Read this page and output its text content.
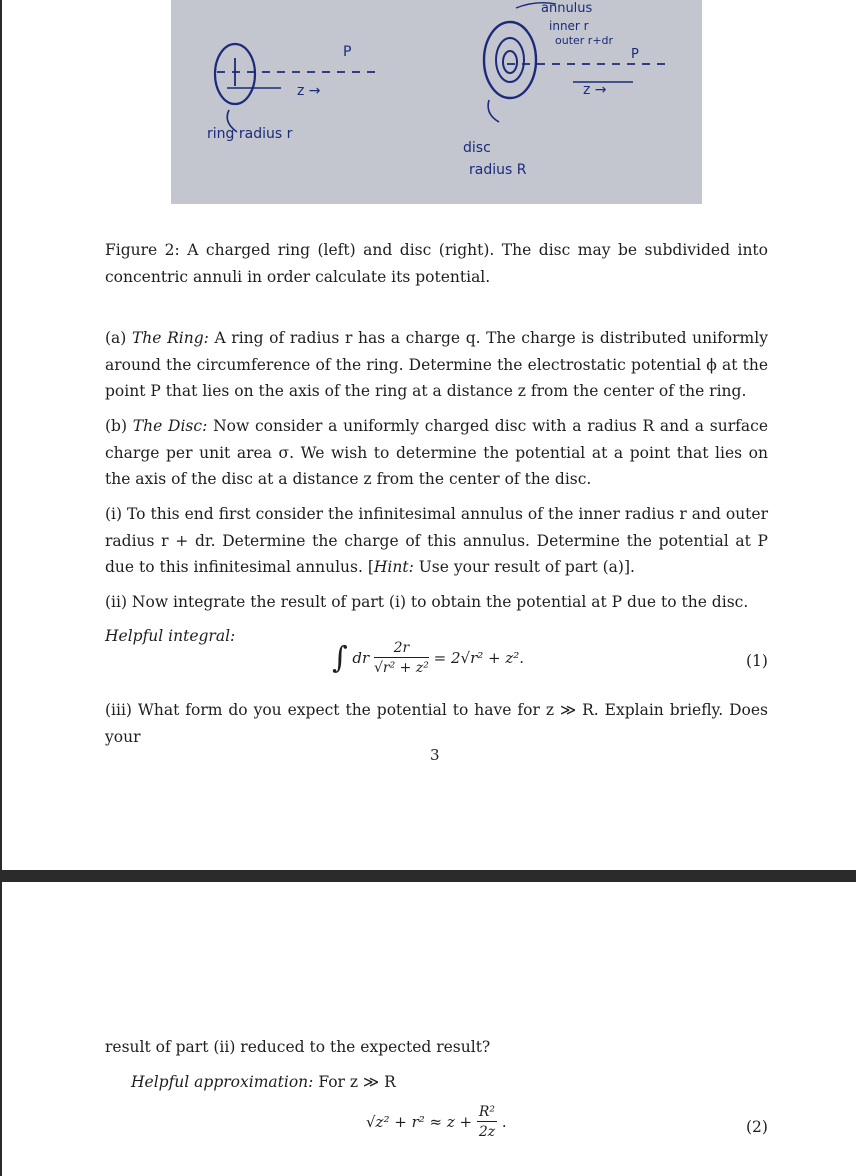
P
z →
ring radius r
annulus
inner r
outer r+dr
P
z →
disc
radius R
Figure 2: A charged ring (left) and disc (right). The disc may be subdivided into concentric annuli in order calculate its potential.
(a) The Ring: A ring of radius r has a charge q. The charge is distributed uniformly around the circumference of the ring. Determine the electrostatic potential ϕ at the point P that lies on the axis of the ring at a distance z from the center of the ring.
(b) The Disc: Now consider a uniformly charged disc with a radius R and a surface charge per unit area σ. We wish to determine the potential at a point that lies on the axis of the disc at a distance z from the center of the disc.
(i) To this end first consider the infinitesimal annulus of the inner radius r and outer radius r + dr. Determine the charge of this annulus. Determine the potential at P due to this infinitesimal annulus. [Hint: Use your result of part (a)].
(ii) Now integrate the result of part (i) to obtain the potential at P due to the disc.
Helpful integral:
∫ dr $\frac{2r}{\text{√r² + z²}} = 2√r^2 + z^2$.	(1)
(iii) What form do you expect the potential to have for z ≫ R. Explain briefly. Does your
3
result of part (ii) reduced to the expected result?
Helpful approximation: For z ≫ R
$√z^2 + r^2 \approx z + \frac{\text{R²}}{2z}$ .	(2)
